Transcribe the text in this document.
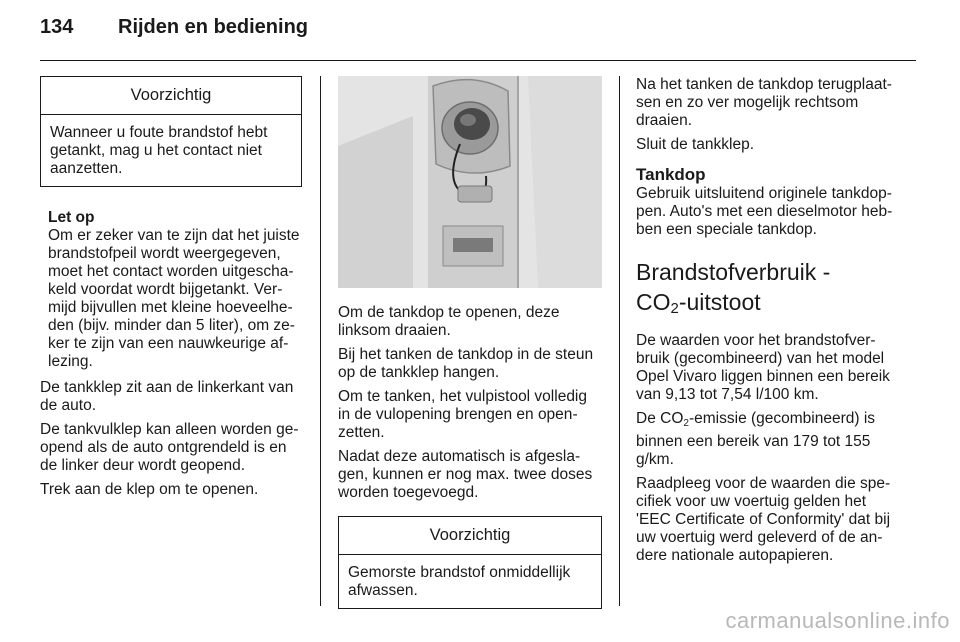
134 Rijden en bediening
Voorzichtig
Wanneer u foute brandstof hebt getankt, mag u het contact niet aanzetten.
Let op
Om er zeker van te zijn dat het juiste brandstofpeil wordt weergegeven, moet het contact worden uitgeschakeld voordat wordt bijgetankt. Vermijd bijvullen met kleine hoeveelheden (bijv. minder dan 5 liter), om zeker te zijn van een nauwkeurige aflezing.

De tankklep zit aan de linkerkant van de auto.

De tankvulklep kan alleen worden geopend als de auto ontgrendeld is en de linker deur wordt geopend.

Trek aan de klep om te openen.

Om de tankdop te openen, deze linksom draaien.

Bij het tanken de tankdop in de steun op de tankklep hangen.

Om te tanken, het vulpistool volledig in de vulopening brengen en openzetten.

Nadat deze automatisch is afgeslagen, kunnen er nog max. twee doses worden toegevoegd.

Voorzichtig
Gemorste brandstof onmiddellijk afwassen.

Na het tanken de tankdop terugplaatsen en zo ver mogelijk rechtsom draaien.

Sluit de tankklep.

Tankdop

Gebruik uitsluitend originele tankdoppen. Auto's met een dieselmotor hebben een speciale tankdop.

Brandstofverbruik -
$CO_2$-uitstoot

De waarden voor het brandstofverbruik (gecombineerd) van het model Opel Vivaro liggen binnen een bereik van 9,13 tot 7,54 l/100 km.

De $CO_2$-emissie (gecombineerd) is binnen een bereik van 179 tot 155 g/km.

Raadpleeg voor de waarden die specifiek voor uw voertuig gelden het 'EEC Certificate of Conformity' dat bij uw voertuig werd geleverd of de andere nationale autopapieren.

carmanualsonline.info
